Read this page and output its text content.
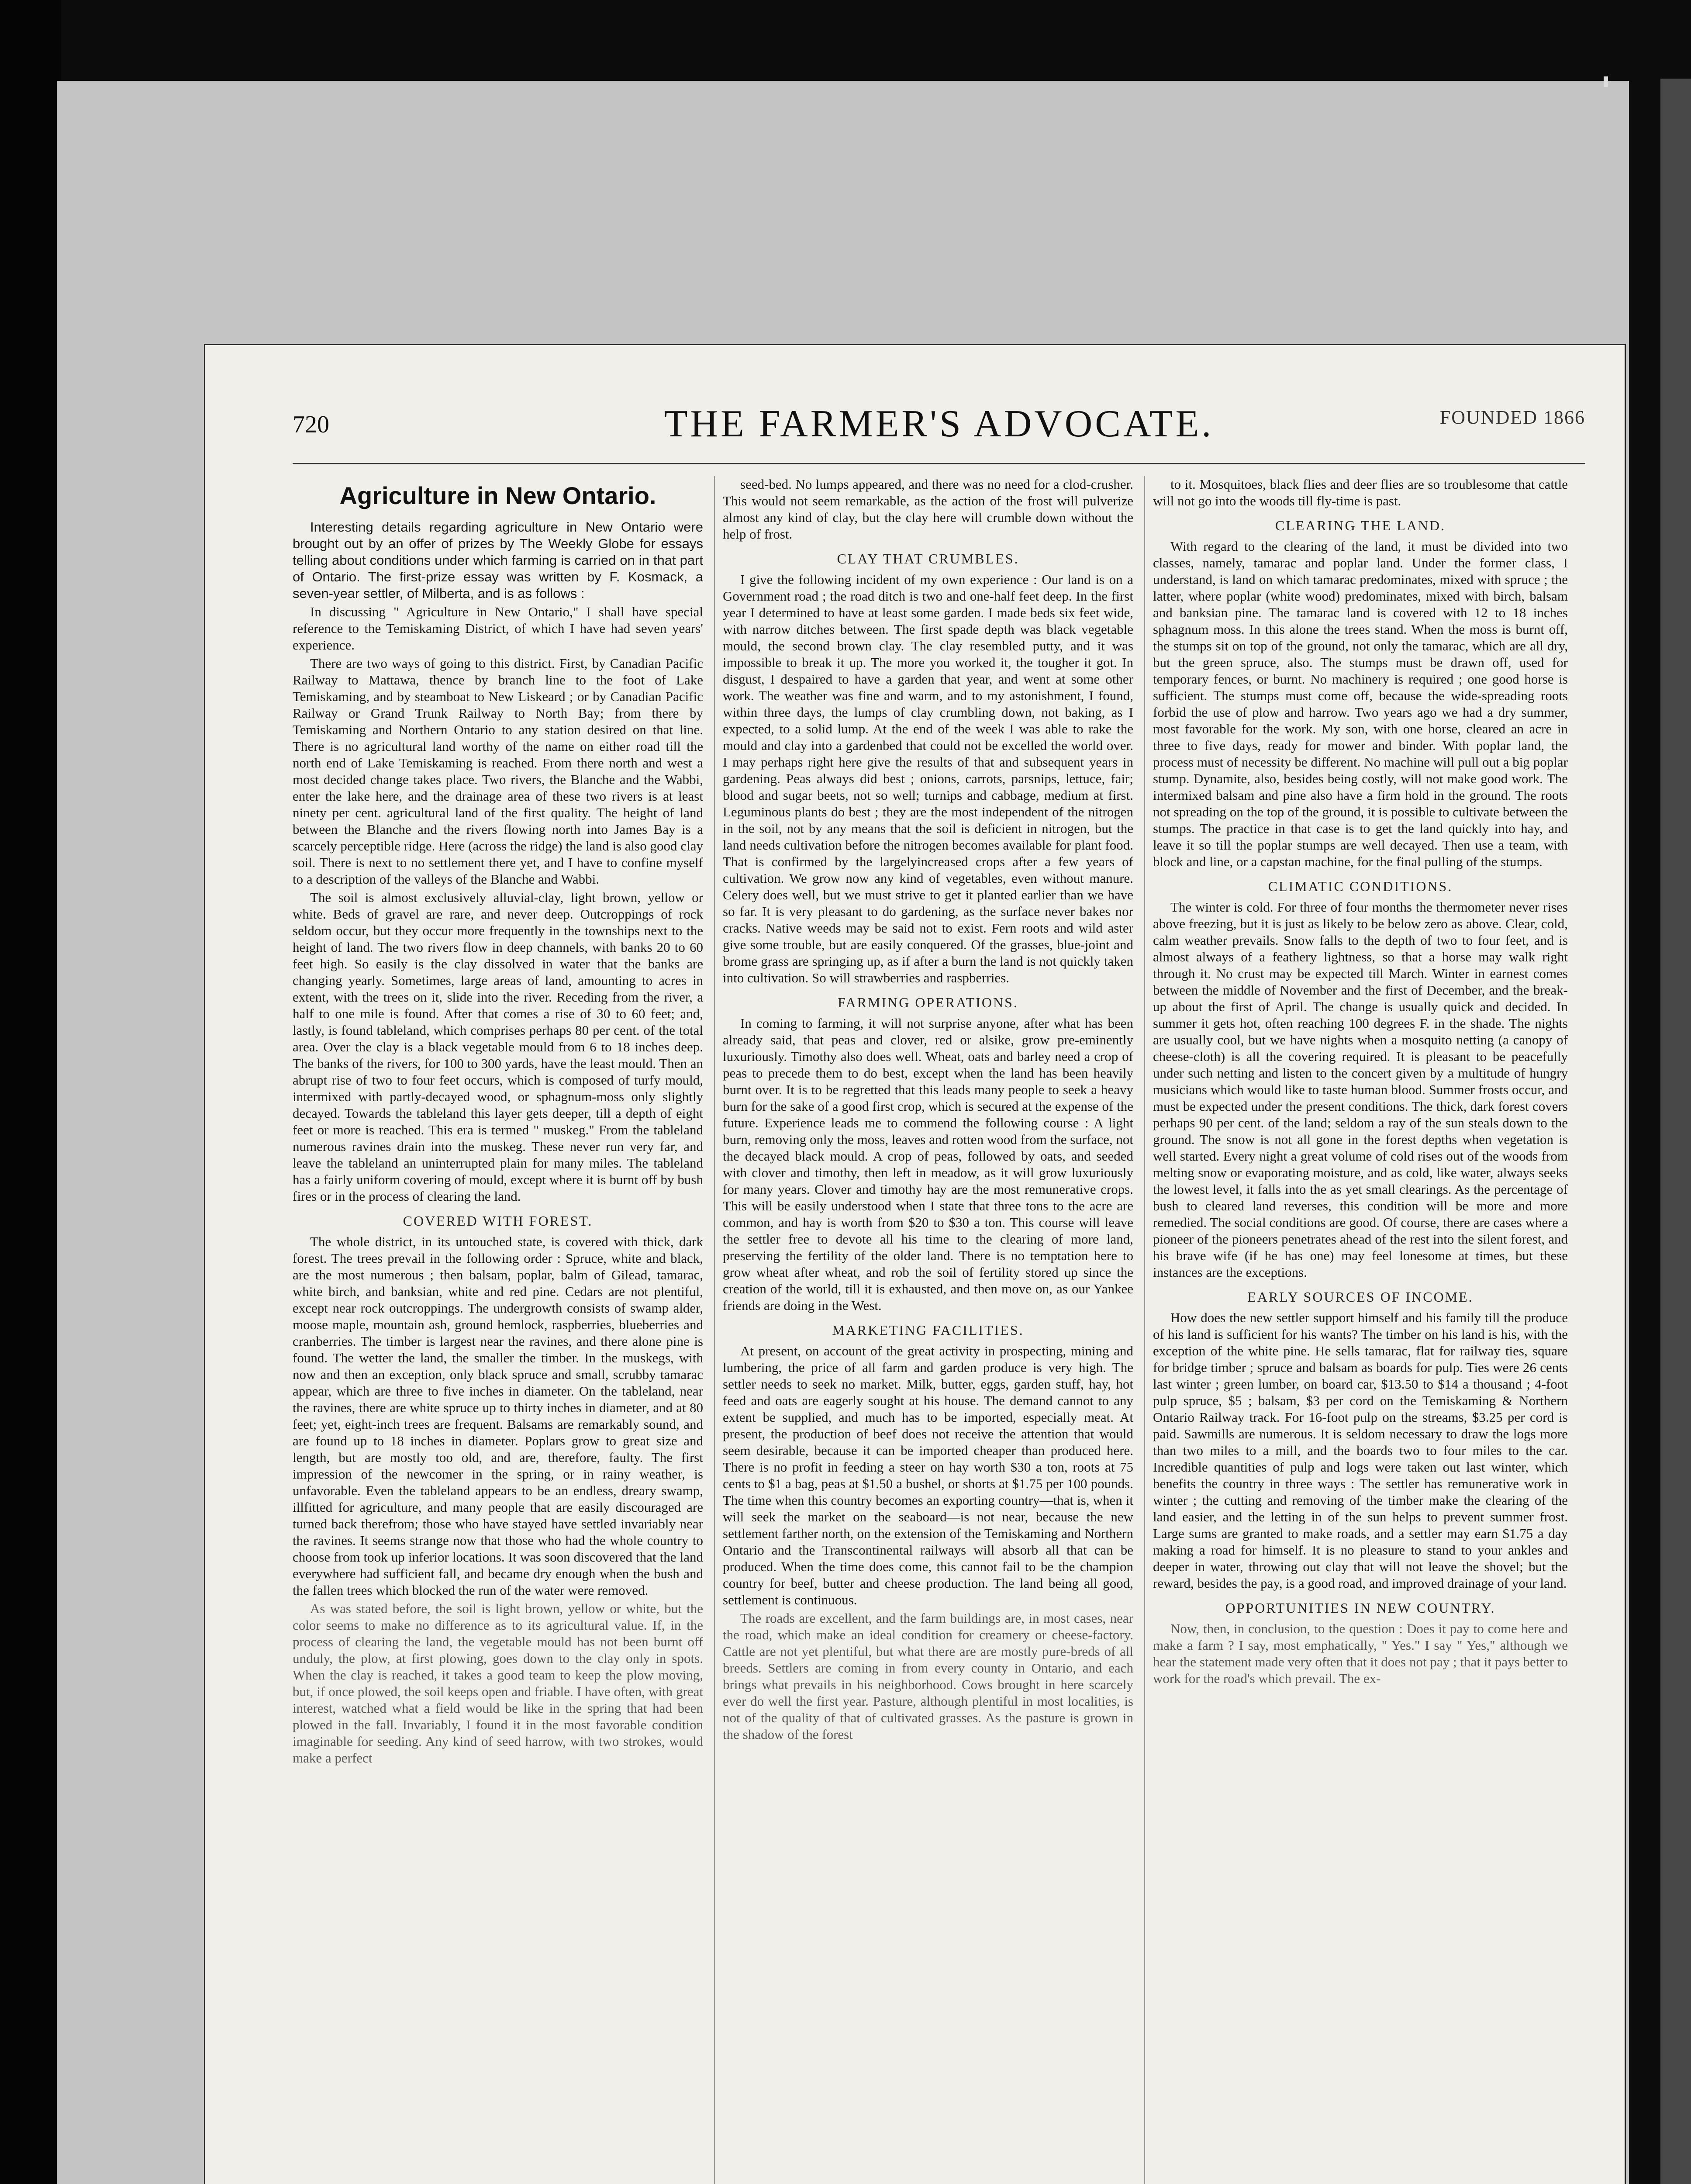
720	THE FARMER'S ADVOCATE.	FOUNDED 1866
Agriculture in New Ontario.

Interesting details regarding agriculture in New Ontario were brought out by an offer of prizes by The Weekly Globe for essays telling about conditions under which farming is carried on in that part of Ontario. The first-prize essay was written by F. Kosmack, a seven-year settler, of Milberta, and is as follows :

In discussing " Agriculture in New Ontario," I shall have special reference to the Temiskaming District, of which I have had seven years' experience.

There are two ways of going to this district. First, by Canadian Pacific Railway to Mattawa, thence by branch line to the foot of Lake Temiskaming, and by steamboat to New Liskeard ; or by Canadian Pacific Railway or Grand Trunk Railway to North Bay; from there by Temiskaming and Northern Ontario to any station desired on that line. There is no agricultural land worthy of the name on either road till the north end of Lake Temiskaming is reached. From there north and west a most decided change takes place. Two rivers, the Blanche and the Wabbi, enter the lake here, and the drainage area of these two rivers is at least ninety per cent. agricultural land of the first quality. The height of land between the Blanche and the rivers flowing north into James Bay is a scarcely perceptible ridge. Here (across the ridge) the land is also good clay soil. There is next to no settlement there yet, and I have to confine myself to a description of the valleys of the Blanche and Wabbi.

The soil is almost exclusively alluvial-clay, light brown, yellow or white. Beds of gravel are rare, and never deep. Outcroppings of rock seldom occur, but they occur more frequently in the townships next to the height of land. The two rivers flow in deep channels, with banks 20 to 60 feet high. So easily is the clay dissolved in water that the banks are changing yearly. Sometimes, large areas of land, amounting to acres in extent, with the trees on it, slide into the river. Receding from the river, a half to one mile is found. After that comes a rise of 30 to 60 feet; and, lastly, is found tableland, which comprises perhaps 80 per cent. of the total area. Over the clay is a black vegetable mould from 6 to 18 inches deep. The banks of the rivers, for 100 to 300 yards, have the least mould. Then an abrupt rise of two to four feet occurs, which is composed of turfy mould, intermixed with partly-decayed wood, or sphagnum-moss only slightly decayed. Towards the tableland this layer gets deeper, till a depth of eight feet or more is reached. This era is termed " muskeg." From the tableland numerous ravines drain into the muskeg. These never run very far, and leave the tableland an uninterrupted plain for many miles. The tableland has a fairly uniform covering of mould, except where it is burnt off by bush fires or in the process of clearing the land.

COVERED WITH FOREST.

The whole district, in its untouched state, is covered with thick, dark forest. The trees prevail in the following order : Spruce, white and black, are the most numerous ; then balsam, poplar, balm of Gilead, tamarac, white birch, and banksian, white and red pine. Cedars are not plentiful, except near rock outcroppings. The undergrowth consists of swamp alder, moose maple, mountain ash, ground hemlock, raspberries, blueberries and cranberries. The timber is largest near the ravines, and there alone pine is found. The wetter the land, the smaller the timber. In the muskegs, with now and then an exception, only black spruce and small, scrubby tamarac appear, which are three to five inches in diameter. On the tableland, near the ravines, there are white spruce up to thirty inches in diameter, and at 80 feet; yet, eight-inch trees are frequent. Balsams are remarkably sound, and are found up to 18 inches in diameter. Poplars grow to great size and length, but are mostly too old, and are, therefore, faulty. The first impression of the newcomer in the spring, or in rainy weather, is unfavorable. Even the tableland appears to be an endless, dreary swamp, illfitted for agriculture, and many people that are easily discouraged are turned back therefrom; those who have stayed have settled invariably near the ravines. It seems strange now that those who had the whole country to choose from took up inferior locations. It was soon discovered that the land everywhere had sufficient fall, and became dry enough when the bush and the fallen trees which blocked the run of the water were removed.

As was stated before, the soil is light brown, yellow or white, but the color seems to make no difference as to its agricultural value. If, in the process of clearing the land, the vegetable mould has not been burnt off unduly, the plow, at first plowing, goes down to the clay only in spots. When the clay is reached, it takes a good team to keep the plow moving, but, if once plowed, the soil keeps open and friable. I have often, with great interest, watched what a field would be like in the spring that had been plowed in the fall. Invariably, I found it in the most favorable condition imaginable for seeding. Any kind of seed harrow, with two strokes, would make a perfect

seed-bed. No lumps appeared, and there was no need for a clod-crusher. This would not seem remarkable, as the action of the frost will pulverize almost any kind of clay, but the clay here will crumble down without the help of frost.

CLAY THAT CRUMBLES.

I give the following incident of my own experience : Our land is on a Government road ; the road ditch is two and one-half feet deep. In the first year I determined to have at least some garden. I made beds six feet wide, with narrow ditches between. The first spade depth was black vegetable mould, the second brown clay. The clay resembled putty, and it was impossible to break it up. The more you worked it, the tougher it got. In disgust, I despaired to have a garden that year, and went at some other work. The weather was fine and warm, and to my astonishment, I found, within three days, the lumps of clay crumbling down, not baking, as I expected, to a solid lump. At the end of the week I was able to rake the mould and clay into a gardenbed that could not be excelled the world over. I may perhaps right here give the results of that and subsequent years in gardening. Peas always did best ; onions, carrots, parsnips, lettuce, fair; blood and sugar beets, not so well; turnips and cabbage, medium at first. Leguminous plants do best ; they are the most independent of the nitrogen in the soil, not by any means that the soil is deficient in nitrogen, but the land needs cultivation before the nitrogen becomes available for plant food. That is confirmed by the largelyincreased crops after a few years of cultivation. We grow now any kind of vegetables, even without manure. Celery does well, but we must strive to get it planted earlier than we have so far. It is very pleasant to do gardening, as the surface never bakes nor cracks. Native weeds may be said not to exist. Fern roots and wild aster give some trouble, but are easily conquered. Of the grasses, blue-joint and brome grass are springing up, as if after a burn the land is not quickly taken into cultivation. So will strawberries and raspberries.

FARMING OPERATIONS.

In coming to farming, it will not surprise anyone, after what has been already said, that peas and clover, red or alsike, grow pre-eminently luxuriously. Timothy also does well. Wheat, oats and barley need a crop of peas to precede them to do best, except when the land has been heavily burnt over. It is to be regretted that this leads many people to seek a heavy burn for the sake of a good first crop, which is secured at the expense of the future. Experience leads me to commend the following course : A light burn, removing only the moss, leaves and rotten wood from the surface, not the decayed black mould. A crop of peas, followed by oats, and seeded with clover and timothy, then left in meadow, as it will grow luxuriously for many years. Clover and timothy hay are the most remunerative crops. This will be easily understood when I state that three tons to the acre are common, and hay is worth from $20 to $30 a ton. This course will leave the settler free to devote all his time to the clearing of more land, preserving the fertility of the older land. There is no temptation here to grow wheat after wheat, and rob the soil of fertility stored up since the creation of the world, till it is exhausted, and then move on, as our Yankee friends are doing in the West.

MARKETING FACILITIES.

At present, on account of the great activity in prospecting, mining and lumbering, the price of all farm and garden produce is very high. The settler needs to seek no market. Milk, butter, eggs, garden stuff, hay, hot feed and oats are eagerly sought at his house. The demand cannot to any extent be supplied, and much has to be imported, especially meat. At present, the production of beef does not receive the attention that would seem desirable, because it can be imported cheaper than produced here. There is no profit in feeding a steer on hay worth $30 a ton, roots at 75 cents to $1 a bag, peas at $1.50 a bushel, or shorts at $1.75 per 100 pounds. The time when this country becomes an exporting country—that is, when it will seek the market on the seaboard—is not near, because the new settlement farther north, on the extension of the Temiskaming and Northern Ontario and the Transcontinental railways will absorb all that can be produced. When the time does come, this cannot fail to be the champion country for beef, butter and cheese production. The land being all good, settlement is continuous.

The roads are excellent, and the farm buildings are, in most cases, near the road, which make an ideal condition for creamery or cheese-factory. Cattle are not yet plentiful, but what there are are mostly pure-breds of all breeds. Settlers are coming in from every county in Ontario, and each brings what prevails in his neighborhood. Cows brought in here scarcely ever do well the first year. Pasture, although plentiful in most localities, is not of the quality of that of cultivated grasses. As the pasture is grown in the shadow of the forest

to it. Mosquitoes, black flies and deer flies are so troublesome that cattle will not go into the woods till fly-time is past.

CLEARING THE LAND.

With regard to the clearing of the land, it must be divided into two classes, namely, tamarac and poplar land. Under the former class, I understand, is land on which tamarac predominates, mixed with spruce ; the latter, where poplar (white wood) predominates, mixed with birch, balsam and banksian pine. The tamarac land is covered with 12 to 18 inches sphagnum moss. In this alone the trees stand. When the moss is burnt off, the stumps sit on top of the ground, not only the tamarac, which are all dry, but the green spruce, also. The stumps must be drawn off, used for temporary fences, or burnt. No machinery is required ; one good horse is sufficient. The stumps must come off, because the wide-spreading roots forbid the use of plow and harrow. Two years ago we had a dry summer, most favorable for the work. My son, with one horse, cleared an acre in three to five days, ready for mower and binder. With poplar land, the process must of necessity be different. No machine will pull out a big poplar stump. Dynamite, also, besides being costly, will not make good work. The intermixed balsam and pine also have a firm hold in the ground. The roots not spreading on the top of the ground, it is possible to cultivate between the stumps. The practice in that case is to get the land quickly into hay, and leave it so till the poplar stumps are well decayed. Then use a team, with block and line, or a capstan machine, for the final pulling of the stumps.

CLIMATIC CONDITIONS.

The winter is cold. For three of four months the thermometer never rises above freezing, but it is just as likely to be below zero as above. Clear, cold, calm weather prevails. Snow falls to the depth of two to four feet, and is almost always of a feathery lightness, so that a horse may walk right through it. No crust may be expected till March. Winter in earnest comes between the middle of November and the first of December, and the break-up about the first of April. The change is usually quick and decided. In summer it gets hot, often reaching 100 degrees F. in the shade. The nights are usually cool, but we have nights when a mosquito netting (a canopy of cheese-cloth) is all the covering required. It is pleasant to be peacefully under such netting and listen to the concert given by a multitude of hungry musicians which would like to taste human blood. Summer frosts occur, and must be expected under the present conditions. The thick, dark forest covers perhaps 90 per cent. of the land; seldom a ray of the sun steals down to the ground. The snow is not all gone in the forest depths when vegetation is well started. Every night a great volume of cold rises out of the woods from melting snow or evaporating moisture, and as cold, like water, always seeks the lowest level, it falls into the as yet small clearings. As the percentage of bush to cleared land reverses, this condition will be more and more remedied. The social conditions are good. Of course, there are cases where a pioneer of the pioneers penetrates ahead of the rest into the silent forest, and his brave wife (if he has one) may feel lonesome at times, but these instances are the exceptions.

EARLY SOURCES OF INCOME.

How does the new settler support himself and his family till the produce of his land is sufficient for his wants? The timber on his land is his, with the exception of the white pine. He sells tamarac, flat for railway ties, square for bridge timber ; spruce and balsam as boards for pulp. Ties were 26 cents last winter ; green lumber, on board car, $13.50 to $14 a thousand ; 4-foot pulp spruce, $5 ; balsam, $3 per cord on the Temiskaming & Northern Ontario Railway track. For 16-foot pulp on the streams, $3.25 per cord is paid. Sawmills are numerous. It is seldom necessary to draw the logs more than two miles to a mill, and the boards two to four miles to the car. Incredible quantities of pulp and logs were taken out last winter, which benefits the country in three ways : The settler has remunerative work in winter ; the cutting and removing of the timber make the clearing of the land easier, and the letting in of the sun helps to prevent summer frost. Large sums are granted to make roads, and a settler may earn $1.75 a day making a road for himself. It is no pleasure to stand to your ankles and deeper in water, throwing out clay that will not leave the shovel; but the reward, besides the pay, is a good road, and improved drainage of your land.

OPPORTUNITIES IN NEW COUNTRY.

Now, then, in conclusion, to the question : Does it pay to come here and make a farm ? I say, most emphatically, " Yes." I say " Yes," although we hear the statement made very often that it does not pay ; that it pays better to work for the road's which prevail. The ex-
